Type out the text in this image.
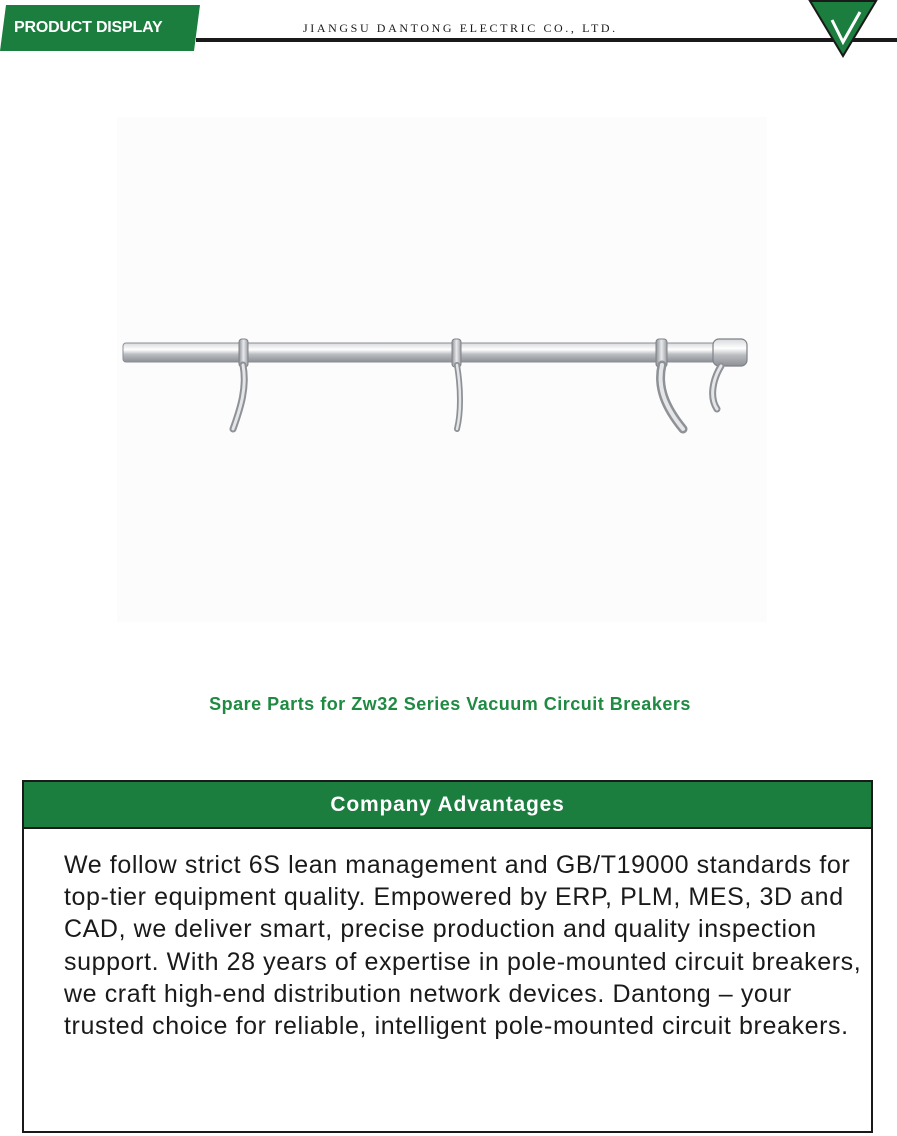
PRODUCT DISPLAY	JIANGSU DANTONG ELECTRIC CO., LTD.
Spare Parts for Zw32 Series Vacuum Circuit Breakers
Company Advantages

We follow strict 6S lean management and GB/T19000 standards for top-tier equipment quality. Empowered by ERP, PLM, MES, 3D and CAD, we deliver smart, precise production and quality inspection support. With 28 years of expertise in pole-mounted circuit breakers, we craft high-end distribution network devices. Dantong – your trusted choice for reliable, intelligent pole-mounted circuit breakers.
